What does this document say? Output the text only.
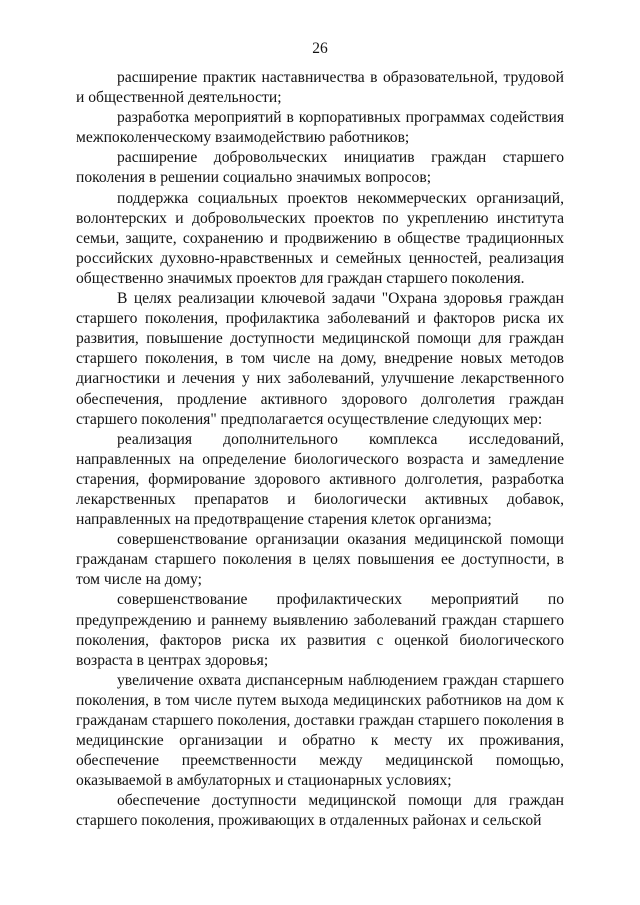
26

расширение практик наставничества в образовательной, трудовой и общественной деятельности;

разработка мероприятий в корпоративных программах содействия межпоколенческому взаимодействию работников;

расширение добровольческих инициатив граждан старшего поколения в решении социально значимых вопросов;

поддержка социальных проектов некоммерческих организаций, волонтерских и добровольческих проектов по укреплению института семьи, защите, сохранению и продвижению в обществе традиционных российских духовно-нравственных и семейных ценностей, реализация общественно значимых проектов для граждан старшего поколения.

В целях реализации ключевой задачи "Охрана здоровья граждан старшего поколения, профилактика заболеваний и факторов риска их развития, повышение доступности медицинской помощи для граждан старшего поколения, в том числе на дому, внедрение новых методов диагностики и лечения у них заболеваний, улучшение лекарственного обеспечения, продление активного здорового долголетия граждан старшего поколения" предполагается осуществление следующих мер:

реализация дополнительного комплекса исследований, направленных на определение биологического возраста и замедление старения, формирование здорового активного долголетия, разработка лекарственных препаратов и биологически активных добавок, направленных на предотвращение старения клеток организма;

совершенствование организации оказания медицинской помощи гражданам старшего поколения в целях повышения ее доступности, в том числе на дому;

совершенствование профилактических мероприятий по предупреждению и раннему выявлению заболеваний граждан старшего поколения, факторов риска их развития с оценкой биологического возраста в центрах здоровья;

увеличение охвата диспансерным наблюдением граждан старшего поколения, в том числе путем выхода медицинских работников на дом к гражданам старшего поколения, доставки граждан старшего поколения в медицинские организации и обратно к месту их проживания, обеспечение преемственности между медицинской помощью, оказываемой в амбулаторных и стационарных условиях;

обеспечение доступности медицинской помощи для граждан старшего поколения, проживающих в отдаленных районах и сельской
